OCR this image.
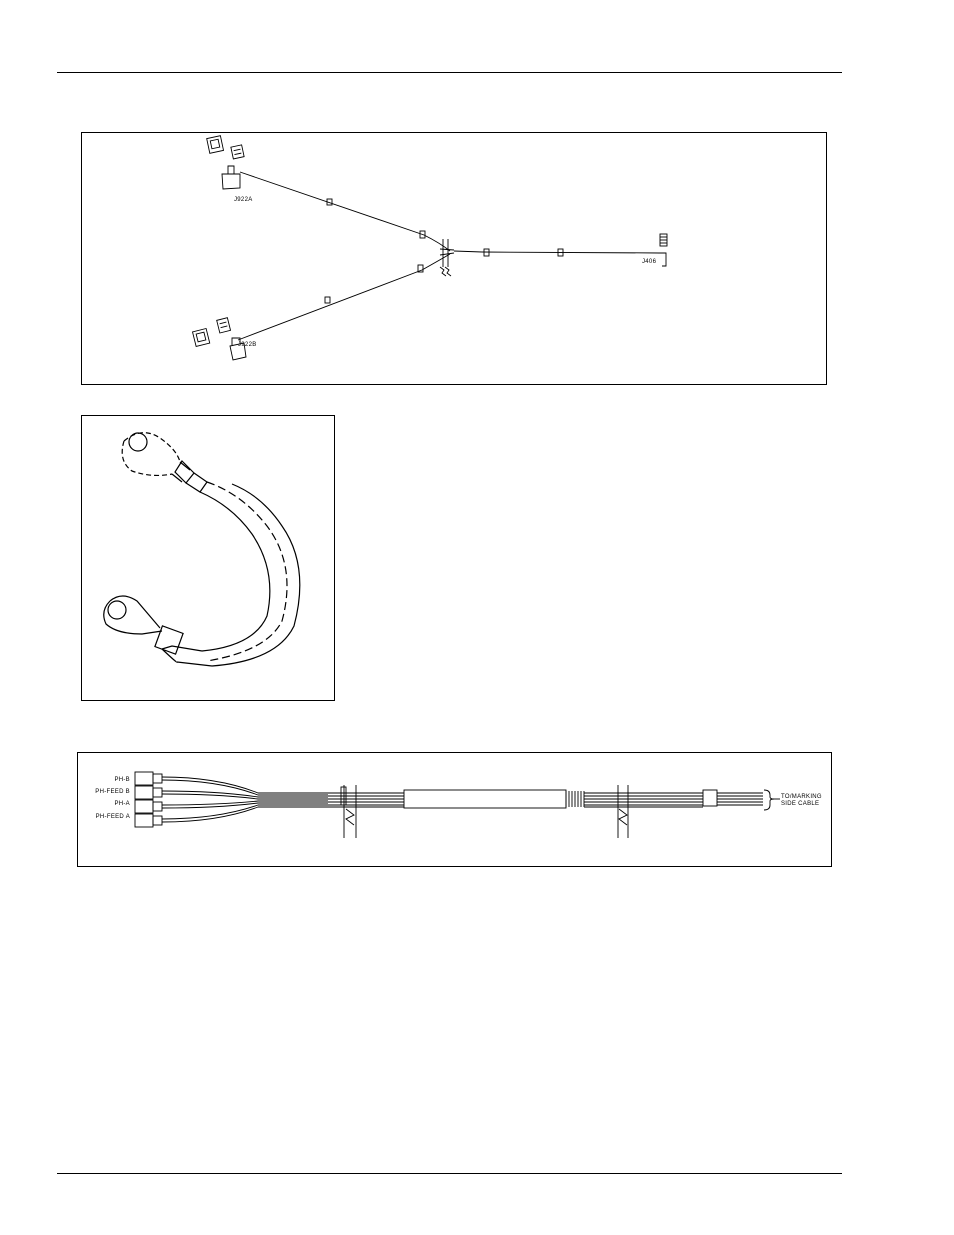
J922A
J922B
J406
PH-B
PH-FEED B
PH-A
PH-FEED A
TO/MARKING
SIDE CABLE
